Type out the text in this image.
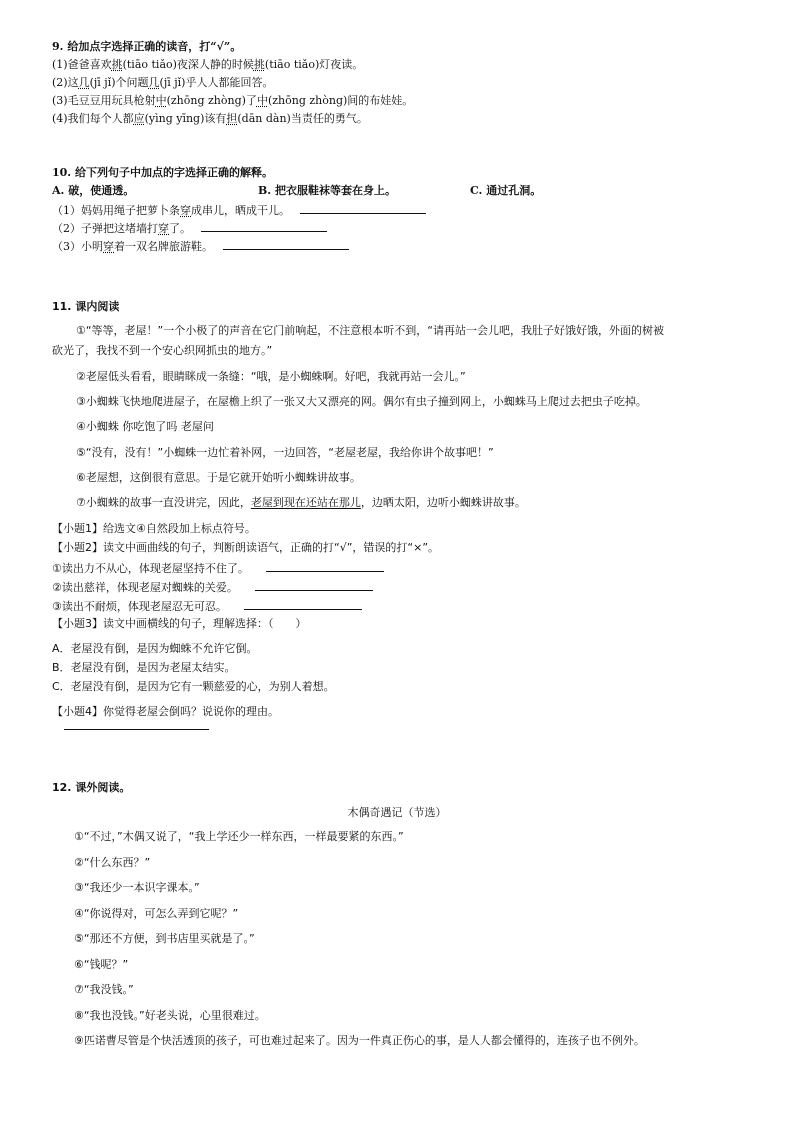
9. 给加点字选择正确的读音，打“√”。
(1)爸爸喜欢挑(tiāo tiǎo)夜深人静的时候挑(tiāo tiǎo)灯夜读。
(2)这几(jī jǐ)个问题几(jī jǐ)乎人人都能回答。
(3)毛豆豆用玩具枪射中(zhōng zhòng)了中(zhōng zhòng)间的布娃娃。
(4)我们每个人都应(yìng yīng)该有担(dān dàn)当责任的勇气。
10. 给下列句子中加点的字选择正确的解释。
A. 破，使通透。	B. 把衣服鞋袜等套在身上。	C. 通过孔洞。
（1）妈妈用绳子把萝卜条穿成串儿，晒成干儿。
（2）子弹把这堵墙打穿了。
（3）小明穿着一双名牌旅游鞋。
11. 课内阅读
①“等等，老屋！”一个小极了的声音在它门前响起，不注意根本听不到，“请再站一会儿吧，我肚子好饿好饿，外面的树被
砍光了，我找不到一个安心织网抓虫的地方。”
②老屋低头看看，眼睛眯成一条缝：“哦，是小蜘蛛啊。好吧，我就再站一会儿。”
③小蜘蛛飞快地爬进屋子，在屋檐上织了一张又大又漂亮的网。偶尔有虫子撞到网上，小蜘蛛马上爬过去把虫子吃掉。
④小蜘蛛 你吃饱了吗 老屋问
⑤“没有，没有！”小蜘蛛一边忙着补网，一边回答，“老屋老屋，我给你讲个故事吧！”
⑥老屋想，这倒很有意思。于是它就开始听小蜘蛛讲故事。
⑦小蜘蛛的故事一直没讲完，因此，老屋到现在还站在那儿，边晒太阳，边听小蜘蛛讲故事。
【小题1】给选文④自然段加上标点符号。
【小题2】读文中画曲线的句子，判断朗读语气，正确的打“√”，错误的打“×”。
①读出力不从心，体现老屋坚持不住了。
②读出慈祥，体现老屋对蜘蛛的关爱。
③读出不耐烦，体现老屋忍无可忍。
【小题3】读文中画横线的句子，理解选择：（　　）
A．老屋没有倒，是因为蜘蛛不允许它倒。
B．老屋没有倒，是因为老屋太结实。
C．老屋没有倒，是因为它有一颗慈爱的心，为别人着想。
【小题4】你觉得老屋会倒吗？说说你的理由。
12. 课外阅读。
木偶奇遇记（节选）
①“不过，”木偶又说了，“我上学还少一样东西，一样最要紧的东西。”
②“什么东西？”
③“我还少一本识字课本。”
④“你说得对，可怎么弄到它呢？”
⑤“那还不方便，到书店里买就是了。”
⑥“钱呢？”
⑦“我没钱。”
⑧“我也没钱。”好老头说，心里很难过。
⑨匹诺曹尽管是个快活透顶的孩子，可也难过起来了。因为一件真正伤心的事，是人人都会懂得的，连孩子也不例外。
